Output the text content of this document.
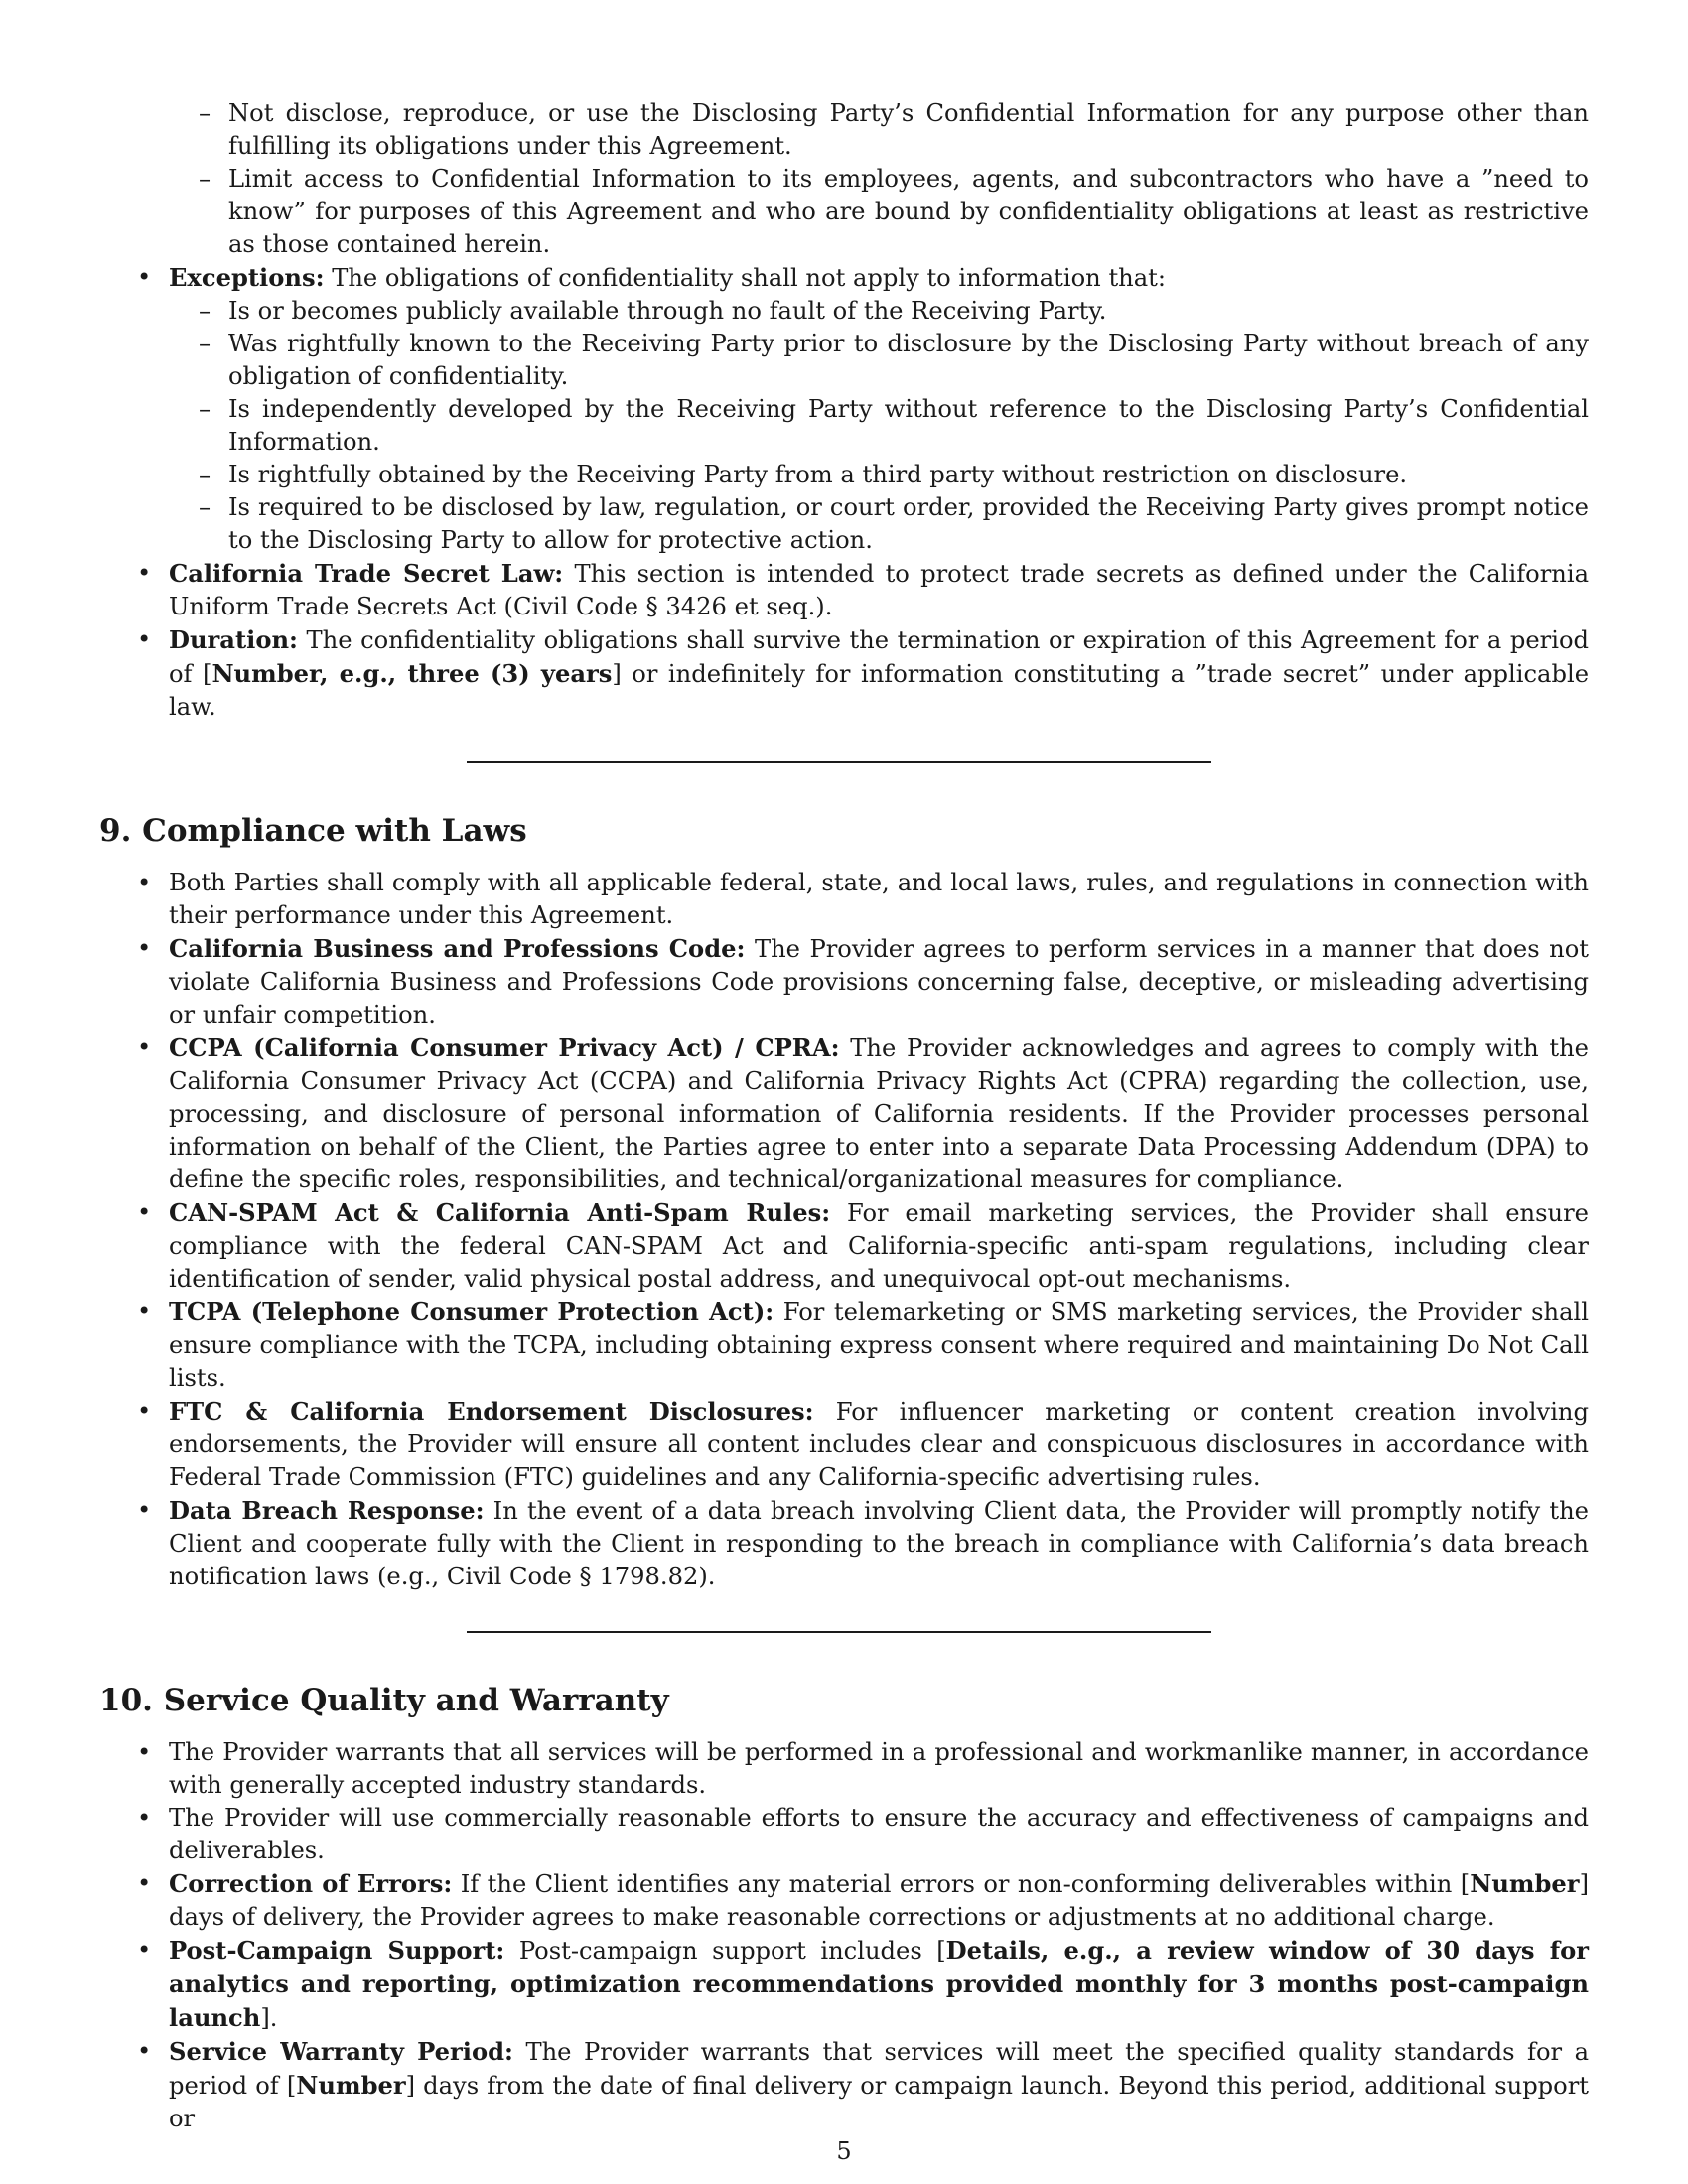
– Not disclose, reproduce, or use the Disclosing Party’s Confidential Information for any purpose other than fulfilling its obligations under this Agreement.
– Limit access to Confidential Information to its employees, agents, and subcontractors who have a ”need to know” for purposes of this Agreement and who are bound by confidentiality obligations at least as restrictive as those contained herein.
• Exceptions: The obligations of confidentiality shall not apply to information that:
– Is or becomes publicly available through no fault of the Receiving Party.
– Was rightfully known to the Receiving Party prior to disclosure by the Disclosing Party without breach of any obligation of confidentiality.
– Is independently developed by the Receiving Party without reference to the Disclosing Party’s Confidential Information.
– Is rightfully obtained by the Receiving Party from a third party without restriction on disclosure.
– Is required to be disclosed by law, regulation, or court order, provided the Receiving Party gives prompt notice to the Disclosing Party to allow for protective action.
• California Trade Secret Law: This section is intended to protect trade secrets as defined under the California Uniform Trade Secrets Act (Civil Code § 3426 et seq.).
• Duration: The confidentiality obligations shall survive the termination or expiration of this Agreement for a period of [Number, e.g., three (3) years] or indefinitely for information constituting a ”trade secret” under applicable law.
9. Compliance with Laws
• Both Parties shall comply with all applicable federal, state, and local laws, rules, and regulations in connection with their performance under this Agreement.
• California Business and Professions Code: The Provider agrees to perform services in a manner that does not violate California Business and Professions Code provisions concerning false, deceptive, or misleading advertising or unfair competition.
• CCPA (California Consumer Privacy Act) / CPRA: The Provider acknowledges and agrees to comply with the California Consumer Privacy Act (CCPA) and California Privacy Rights Act (CPRA) regarding the collection, use, processing, and disclosure of personal information of California residents. If the Provider processes personal information on behalf of the Client, the Parties agree to enter into a separate Data Processing Addendum (DPA) to define the specific roles, responsibilities, and technical/organizational measures for compliance.
• CAN-SPAM Act & California Anti-Spam Rules: For email marketing services, the Provider shall ensure compliance with the federal CAN-SPAM Act and California-specific anti-spam regulations, including clear identification of sender, valid physical postal address, and unequivocal opt-out mechanisms.
• TCPA (Telephone Consumer Protection Act): For telemarketing or SMS marketing services, the Provider shall ensure compliance with the TCPA, including obtaining express consent where required and maintaining Do Not Call lists.
• FTC & California Endorsement Disclosures: For influencer marketing or content creation involving endorsements, the Provider will ensure all content includes clear and conspicuous disclosures in accordance with Federal Trade Commission (FTC) guidelines and any California-specific advertising rules.
• Data Breach Response: In the event of a data breach involving Client data, the Provider will promptly notify the Client and cooperate fully with the Client in responding to the breach in compliance with California’s data breach notification laws (e.g., Civil Code § 1798.82).
10. Service Quality and Warranty
• The Provider warrants that all services will be performed in a professional and workmanlike manner, in accordance with generally accepted industry standards.
• The Provider will use commercially reasonable efforts to ensure the accuracy and effectiveness of campaigns and deliverables.
• Correction of Errors: If the Client identifies any material errors or non-conforming deliverables within [Number] days of delivery, the Provider agrees to make reasonable corrections or adjustments at no additional charge.
• Post-Campaign Support: Post-campaign support includes [Details, e.g., a review window of 30 days for analytics and reporting, optimization recommendations provided monthly for 3 months post-campaign launch].
• Service Warranty Period: The Provider warrants that services will meet the specified quality standards for a period of [Number] days from the date of final delivery or campaign launch. Beyond this period, additional support or
5
